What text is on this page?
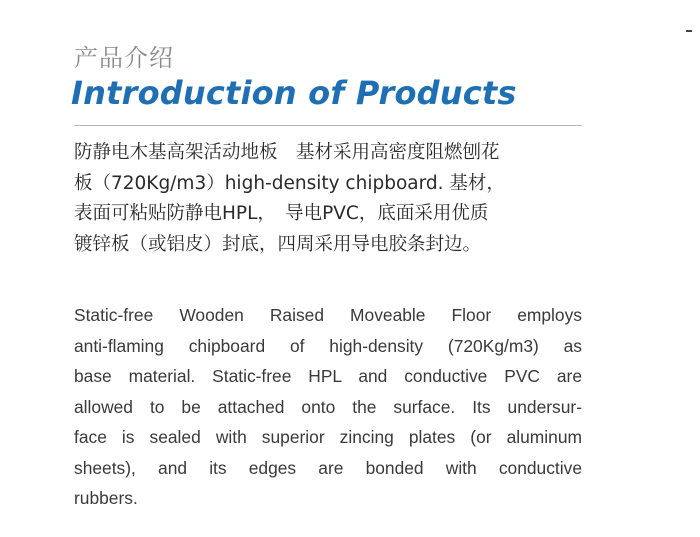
产品介绍
Introduction of Products
防静电木基高架活动地板　基材采用高密度阻燃刨花
板（720Kg/m3）high-density chipboard. 基材，
表面可粘贴防静电HPL，　导电PVC，底面采用优质
镀锌板（或铝皮）封底，四周采用导电胶条封边。
Static-free Wooden Raised Moveable Floor employs
anti-flaming chipboard of high-density (720Kg/m3) as
base material. Static-free HPL and conductive PVC are
allowed to be attached onto the surface. Its undersur-
face is sealed with superior zincing plates (or aluminum
sheets), and its edges are bonded with conductive
rubbers.
